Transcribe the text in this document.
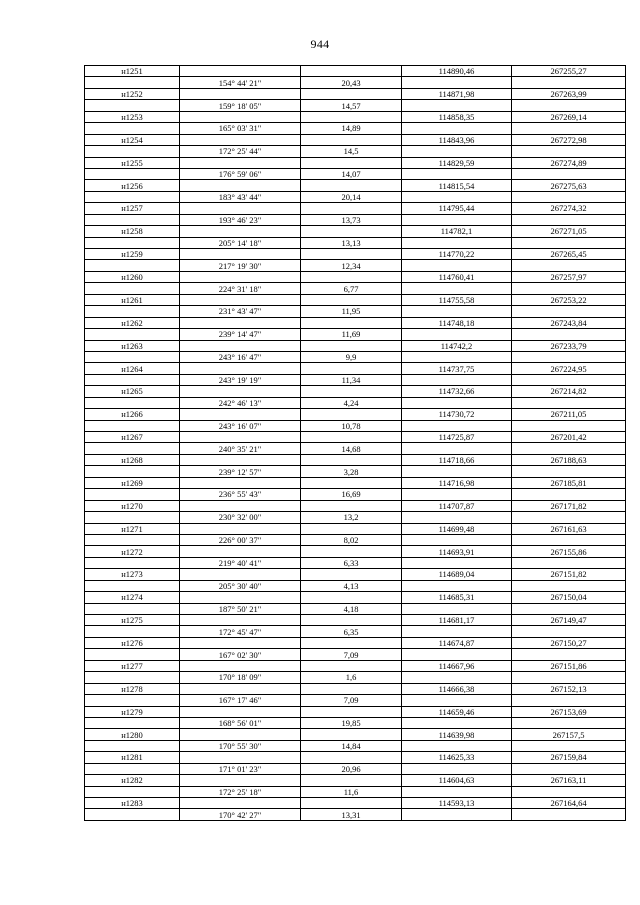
944
н1251			114890,46	267255,27
	154° 44' 21"	20,43		
н1252			114871,98	267263,99
	159° 18' 05"	14,57		
н1253			114858,35	267269,14
	165° 03' 31"	14,89		
н1254			114843,96	267272,98
	172° 25' 44"	14,5		
н1255			114829,59	267274,89
	176° 59' 06"	14,07		
н1256			114815,54	267275,63
	183° 43' 44"	20,14		
н1257			114795,44	267274,32
	193° 46' 23"	13,73		
н1258			114782,1	267271,05
	205° 14' 18"	13,13		
н1259			114770,22	267265,45
	217° 19' 30"	12,34		
н1260			114760,41	267257,97
	224° 31' 18"	6,77		
н1261			114755,58	267253,22
	231° 43' 47"	11,95		
н1262			114748,18	267243,84
	239° 14' 47"	11,69		
н1263			114742,2	267233,79
	243° 16' 47"	9,9		
н1264			114737,75	267224,95
	243° 19' 19"	11,34		
н1265			114732,66	267214,82
	242° 46' 13"	4,24		
н1266			114730,72	267211,05
	243° 16' 07"	10,78		
н1267			114725,87	267201,42
	240° 35' 21"	14,68		
н1268			114718,66	267188,63
	239° 12' 57"	3,28		
н1269			114716,98	267185,81
	236° 55' 43"	16,69		
н1270			114707,87	267171,82
	230° 32' 00"	13,2		
н1271			114699,48	267161,63
	226° 00' 37"	8,02		
н1272			114693,91	267155,86
	219° 40' 41"	6,33		
н1273			114689,04	267151,82
	205° 30' 40"	4,13		
н1274			114685,31	267150,04
	187° 50' 21"	4,18		
н1275			114681,17	267149,47
	172° 45' 47"	6,35		
н1276			114674,87	267150,27
	167° 02' 30"	7,09		
н1277			114667,96	267151,86
	170° 18' 09"	1,6		
н1278			114666,38	267152,13
	167° 17' 46"	7,09		
н1279			114659,46	267153,69
	168° 56' 01"	19,85		
н1280			114639,98	267157,5
	170° 55' 30"	14,84		
н1281			114625,33	267159,84
	171° 01' 23"	20,96		
н1282			114604,63	267163,11
	172° 25' 18"	11,6		
н1283			114593,13	267164,64
	170° 42' 27"	13,31		
